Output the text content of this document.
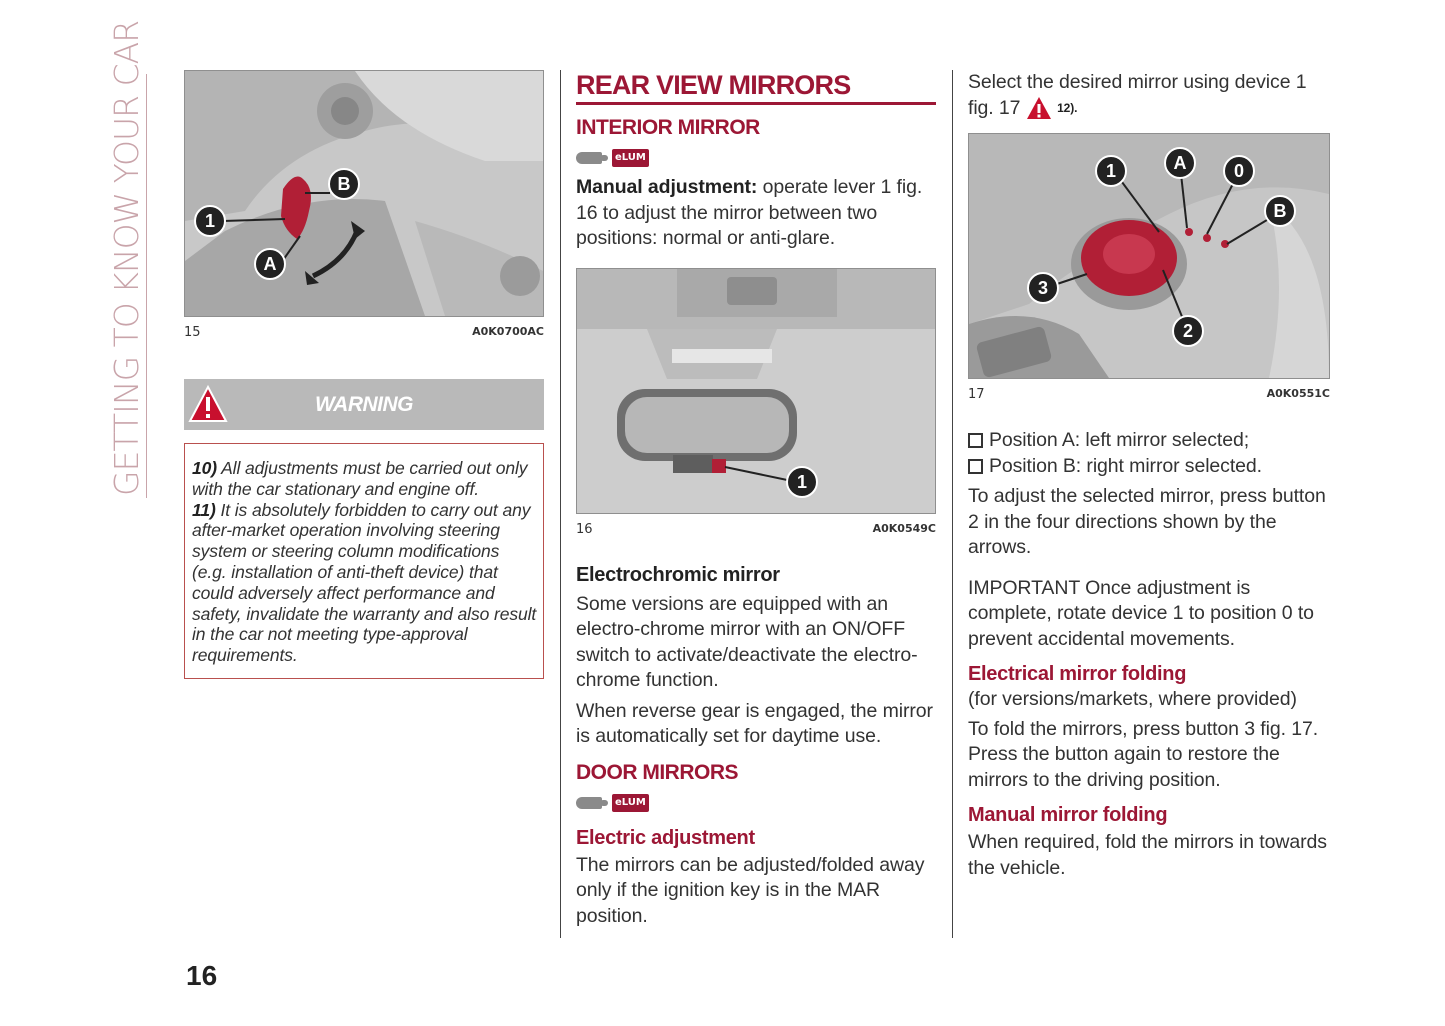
GETTING TO KNOW YOUR CAR	1
A
B
15	A0K0700AC
WARNING

10) All adjustments must be carried out only with the car stationary and engine off.

11) It is absolutely forbidden to carry out any after-market operation involving steering system or steering column modifications (e.g. installation of anti-theft device) that could adversely affect performance and safety, invalidate the warranty and also result in the car not meeting type-approval requirements.

REAR VIEW MIRRORS
INTERIOR MIRROR
eLUM

Manual adjustment: operate lever 1 fig. 16 to adjust the mirror between two positions: normal or anti-glare.

1
16	A0K0549C
Electrochromic mirror

Some versions are equipped with an electro-chrome mirror with an ON/OFF switch to activate/deactivate the electro-chrome function.

When reverse gear is engaged, the mirror is automatically set for daytime use.

DOOR MIRRORS
eLUM
Electric adjustment

The mirrors can be adjusted/folded away only if the ignition key is in the MAR position.

Select the desired mirror using device 1 fig. 17	12).

1	A	0
B
3
2
17	A0K0551C
Position A: left mirror selected;
Position B: right mirror selected.

To adjust the selected mirror, press button 2 in the four directions shown by the arrows.

IMPORTANT Once adjustment is complete, rotate device 1 to position 0 to prevent accidental movements.

Electrical mirror folding

(for versions/markets, where provided)

To fold the mirrors, press button 3 fig. 17. Press the button again to restore the mirrors to the driving position.

Manual mirror folding

When required, fold the mirrors in towards the vehicle.

16
